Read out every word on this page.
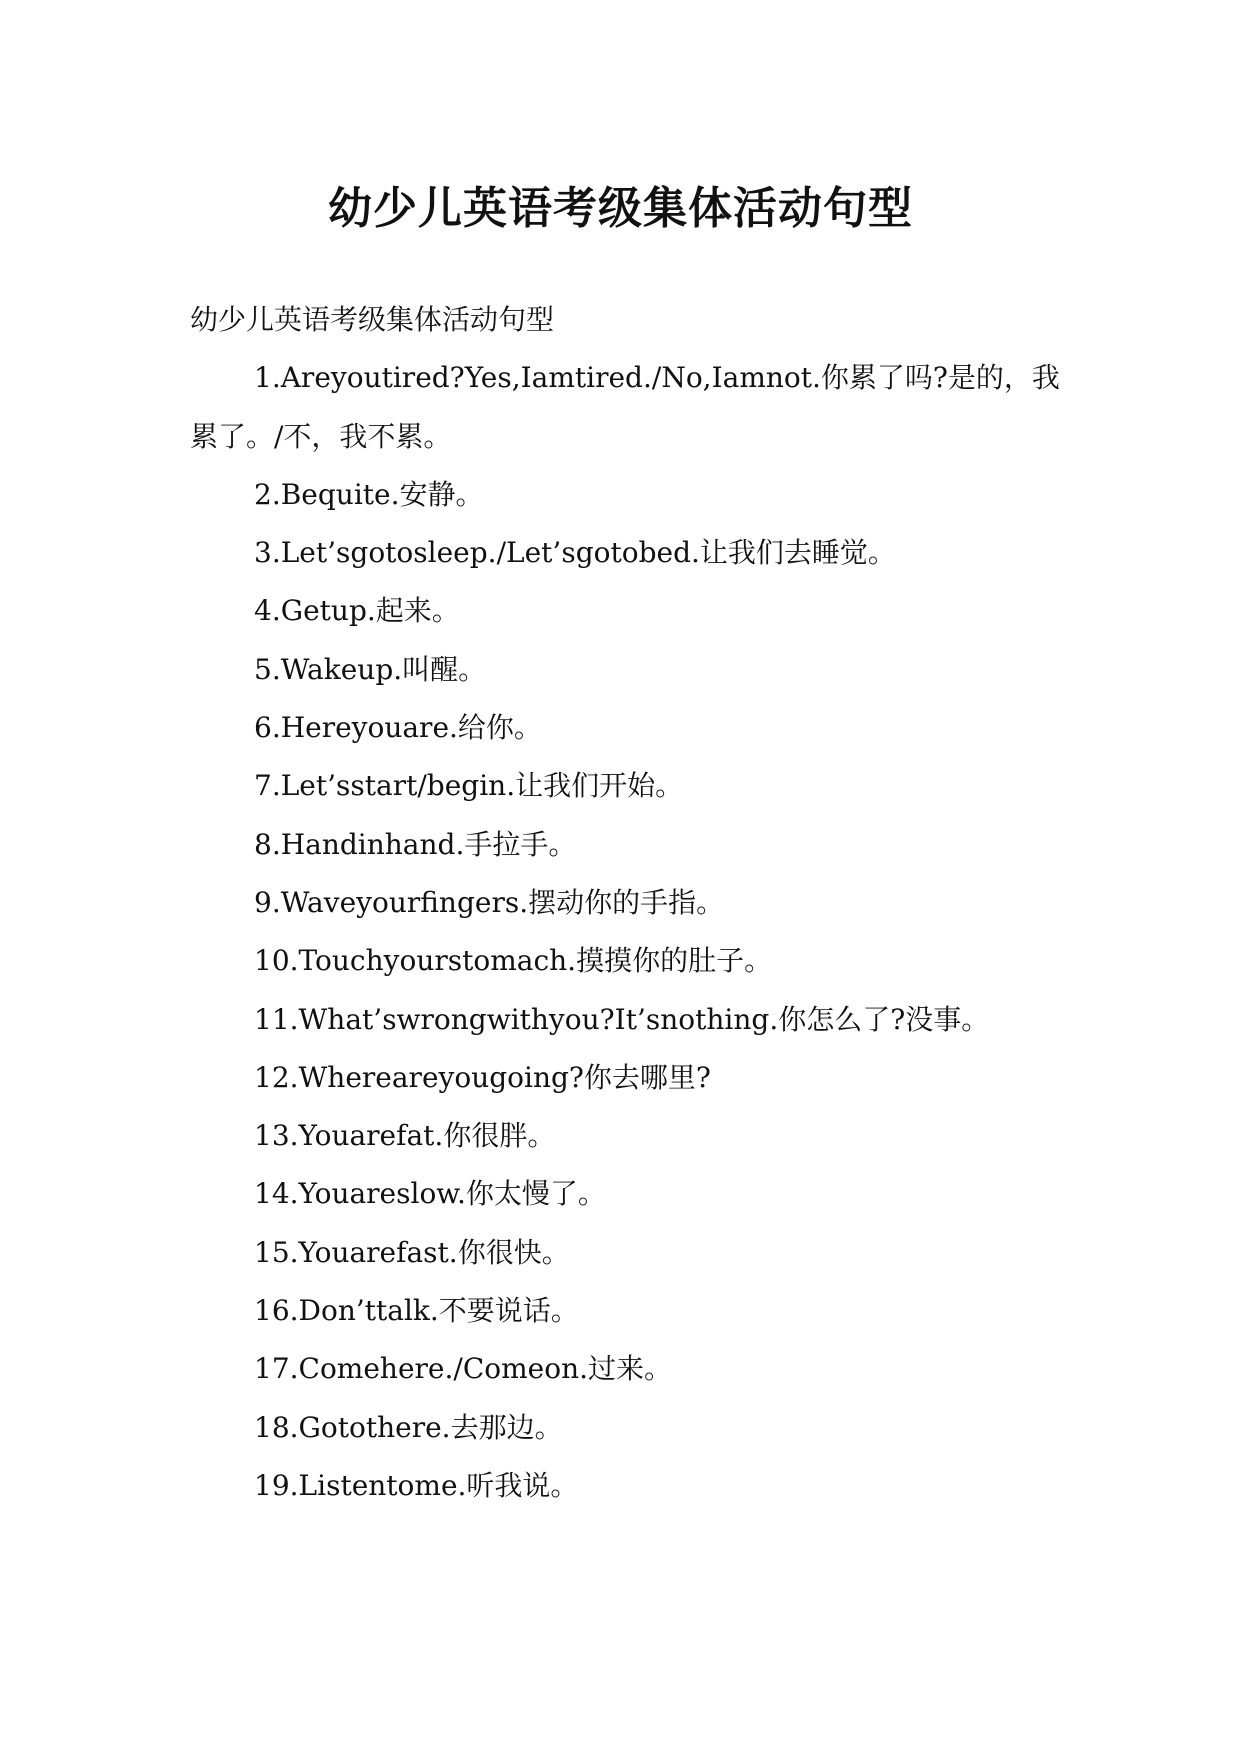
幼少儿英语考级集体活动句型

幼少儿英语考级集体活动句型

1.Areyoutired?Yes,Iamtired./No,Iamnot.你累了吗?是的，我累了。/不，我不累。

2.Bequite.安静。

3.Let’sgotosleep./Let’sgotobed.让我们去睡觉。

4.Getup.起来。

5.Wakeup.叫醒。

6.Hereyouare.给你。

7.Let’sstart/begin.让我们开始。

8.Handinhand.手拉手。

9.Waveyourfingers.摆动你的手指。

10.Touchyourstomach.摸摸你的肚子。

11.What’swrongwithyou?It’snothing.你怎么了?没事。

12.Whereareyougoing?你去哪里?

13.Youarefat.你很胖。

14.Youareslow.你太慢了。

15.Youarefast.你很快。

16.Don’ttalk.不要说话。

17.Comehere./Comeon.过来。

18.Gotothere.去那边。

19.Listentome.听我说。
